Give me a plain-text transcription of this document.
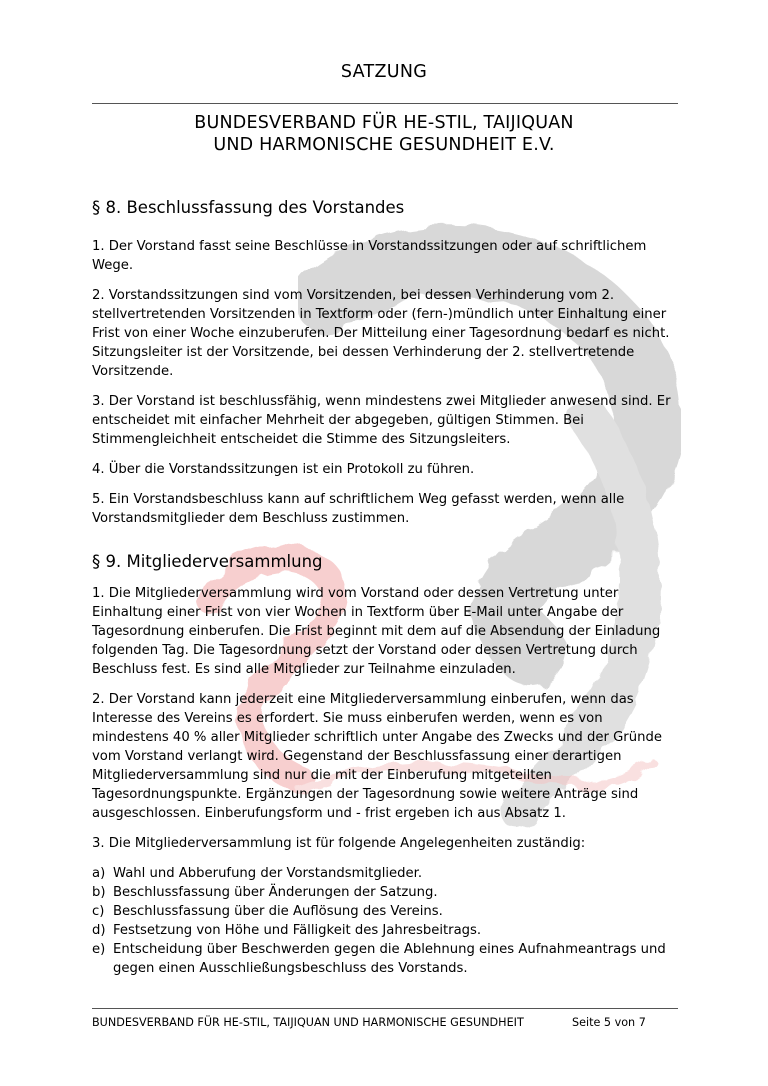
SATZUNG
BUNDESVERBAND FÜR HE-STIL, TAIJIQUAN
UND HARMONISCHE GESUNDHEIT E.V.
§ 8. Beschlussfassung des Vorstandes

1. Der Vorstand fasst seine Beschlüsse in Vorstandssitzungen oder auf schriftlichem Wege.

2. Vorstandssitzungen sind vom Vorsitzenden, bei dessen Verhinderung vom 2. stellvertretenden Vorsitzenden in Textform oder (fern-)mündlich unter Einhaltung einer Frist von einer Woche einzuberufen. Der Mitteilung einer Tagesordnung bedarf es nicht. Sitzungsleiter ist der Vorsitzende, bei dessen Verhinderung der 2. stellvertretende Vorsitzende.

3. Der Vorstand ist beschlussfähig, wenn mindestens zwei Mitglieder anwesend sind. Er entscheidet mit einfacher Mehrheit der abgegeben, gültigen Stimmen. Bei Stimmengleichheit entscheidet die Stimme des Sitzungsleiters.

4. Über die Vorstandssitzungen ist ein Protokoll zu führen.

5. Ein Vorstandsbeschluss kann auf schriftlichem Weg gefasst werden, wenn alle Vorstandsmitglieder dem Beschluss zustimmen.

§ 9. Mitgliederversammlung

1. Die Mitgliederversammlung wird vom Vorstand oder dessen Vertretung unter Einhaltung einer Frist von vier Wochen in Textform über E-Mail unter Angabe der Tagesordnung einberufen. Die Frist beginnt mit dem auf die Absendung der Einladung folgenden Tag. Die Tagesordnung setzt der Vorstand oder dessen Vertretung durch Beschluss fest. Es sind alle Mitglieder zur Teilnahme einzuladen.

2. Der Vorstand kann jederzeit eine Mitgliederversammlung einberufen, wenn das Interesse des Vereins es erfordert. Sie muss einberufen werden, wenn es von mindestens 40 % aller Mitglieder schriftlich unter Angabe des Zwecks und der Gründe vom Vorstand verlangt wird. Gegenstand der Beschlussfassung einer derartigen Mitgliederversammlung sind nur die mit der Einberufung mitgeteilten Tagesordnungspunkte. Ergänzungen der Tagesordnung sowie weitere Anträge sind ausgeschlossen. Einberufungsform und - frist ergeben ich aus Absatz 1.

3. Die Mitgliederversammlung ist für folgende Angelegenheiten zuständig:

a) Wahl und Abberufung der Vorstandsmitglieder.
b) Beschlussfassung über Änderungen der Satzung.
c) Beschlussfassung über die Auflösung des Vereins.
d) Festsetzung von Höhe und Fälligkeit des Jahresbeitrags.
e) Entscheidung über Beschwerden gegen die Ablehnung eines Aufnahmeantrags und gegen einen Ausschließungsbeschluss des Vorstands.
BUNDESVERBAND FÜR HE-STIL, TAIJIQUAN UND HARMONISCHE GESUNDHEIT	Seite 5 von 7
